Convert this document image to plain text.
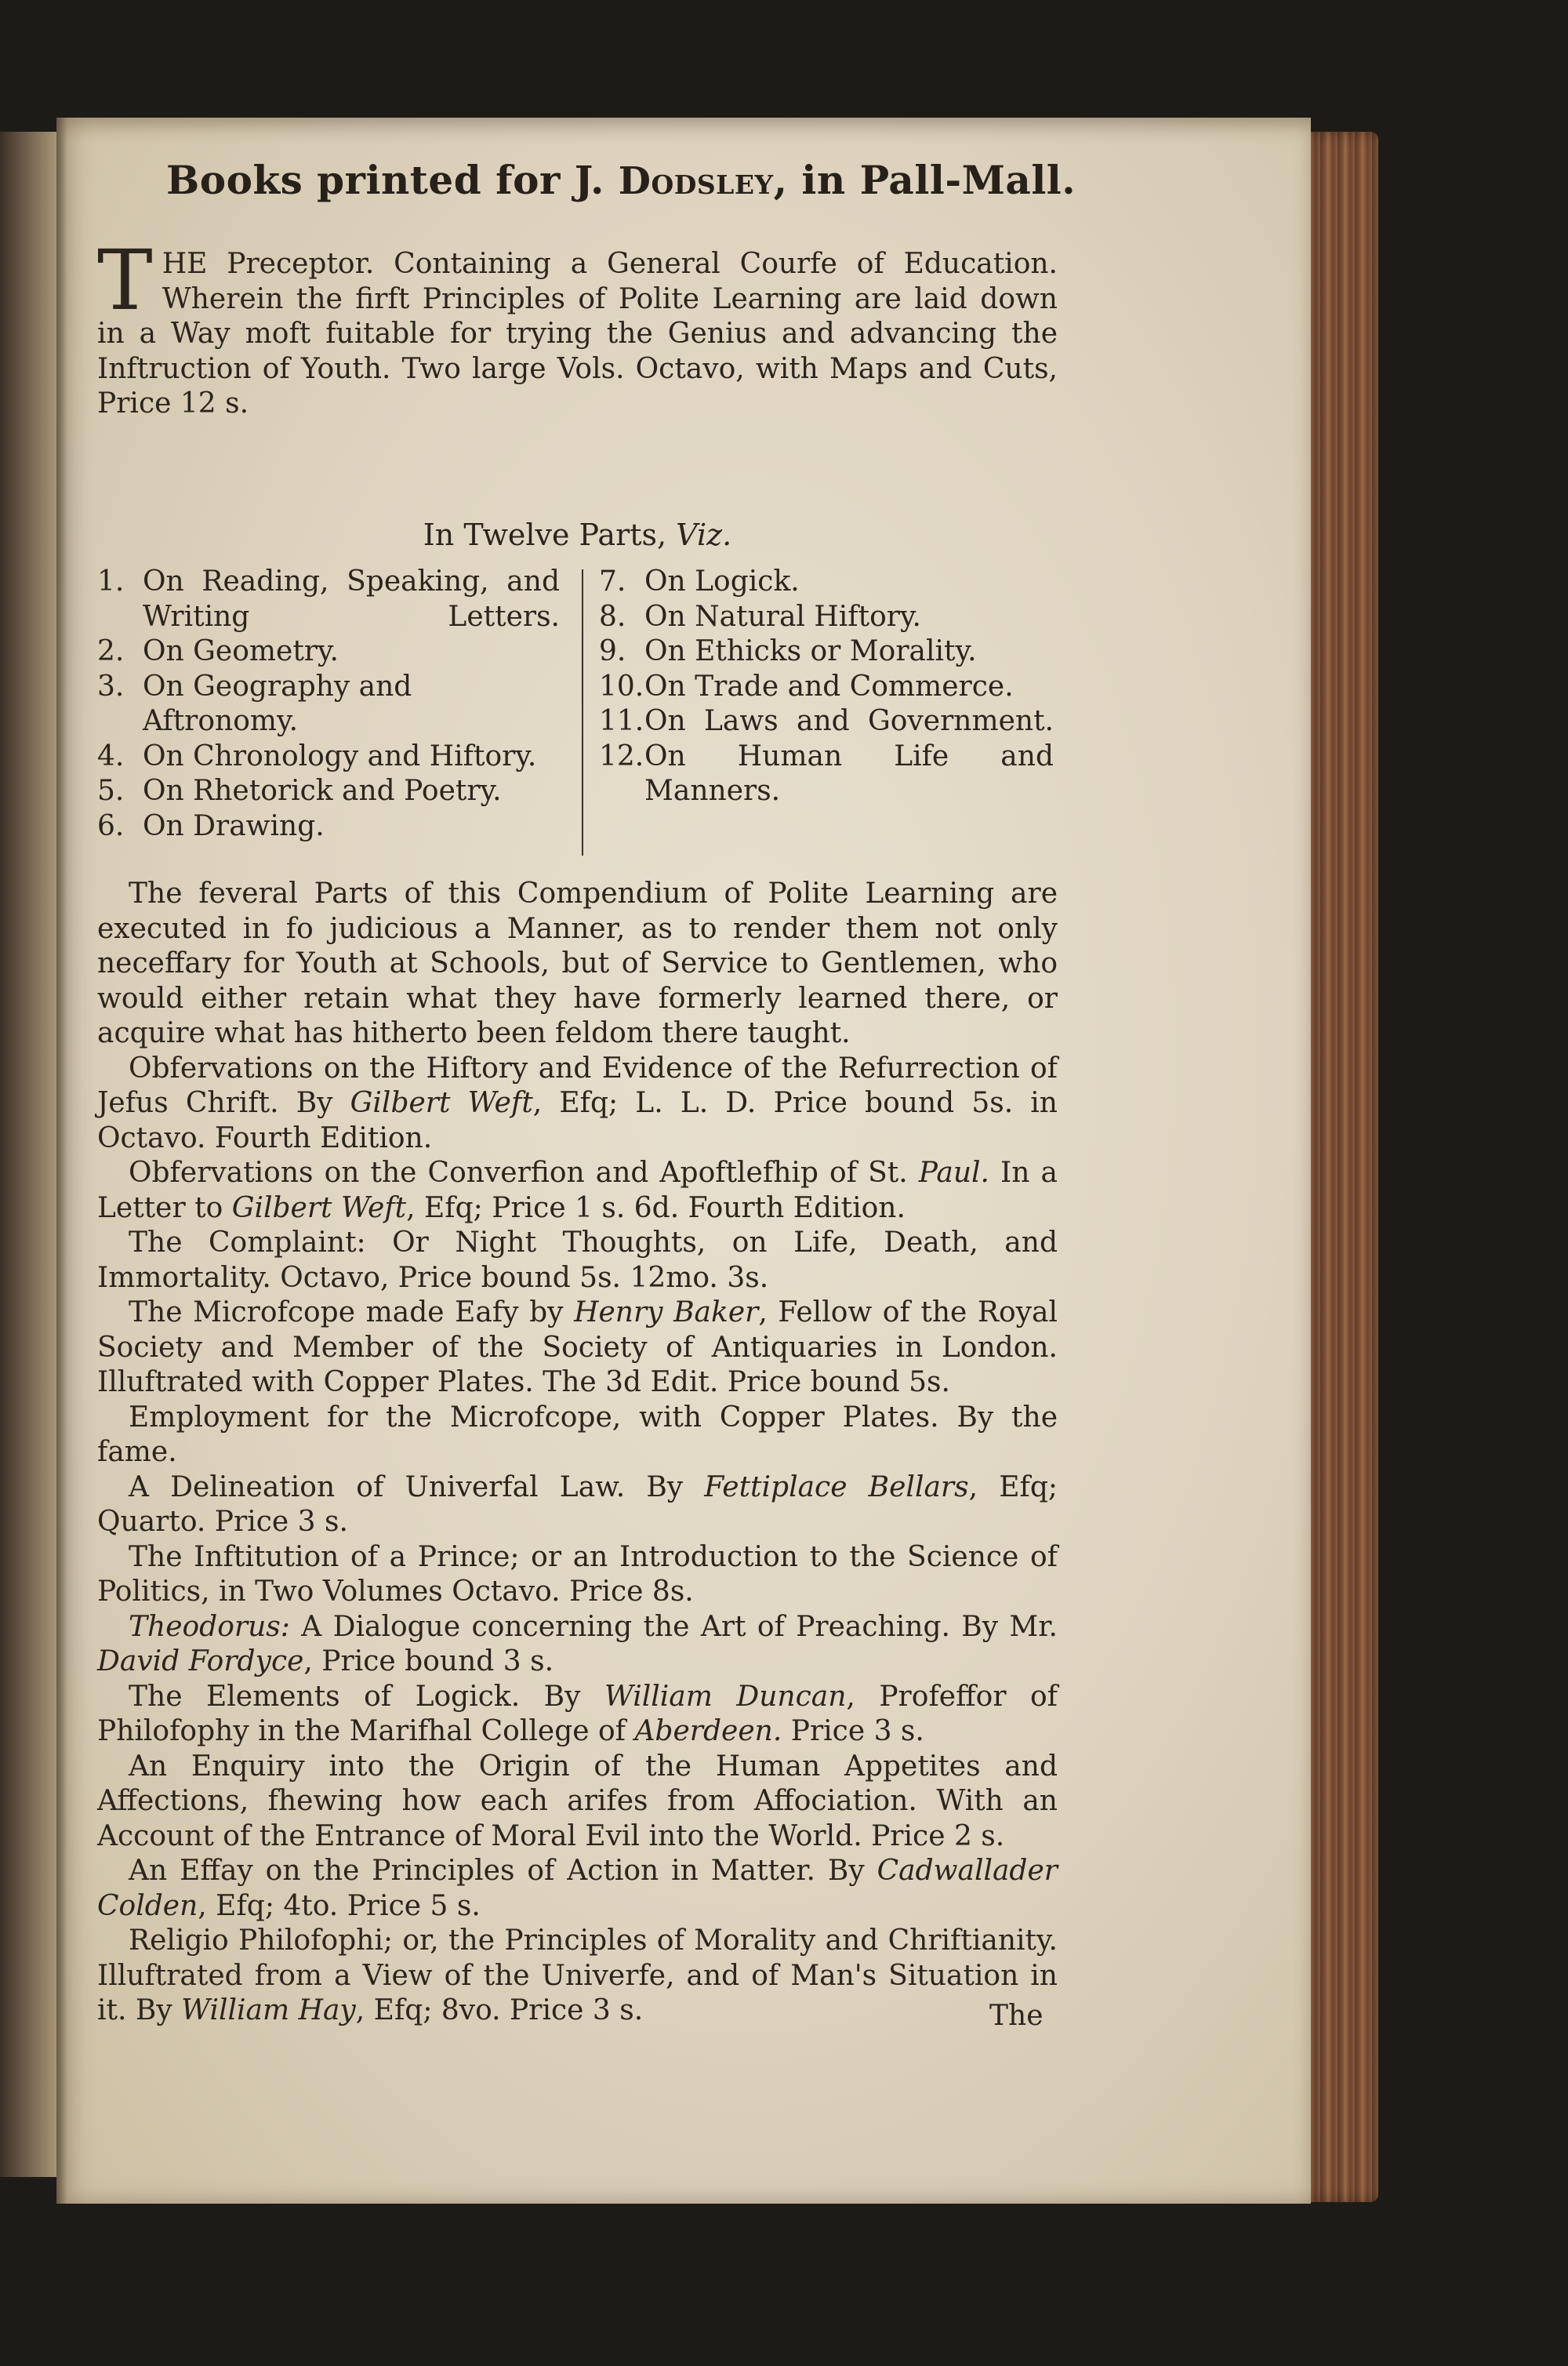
Books printed for J. Dodsley, in Pall-Mall.
THE Preceptor. Containing a General Courfe of Education. Wherein the firft Principles of Polite Learning are laid down in a Way moft fuitable for trying the Genius and advancing the Inftruction of Youth. Two large Vols. Octavo, with Maps and Cuts, Price 12 s.
In Twelve Parts, Viz.
1. On Reading, Speaking, and Writing Letters.
2. On Geometry.
3. On Geography and Aftronomy.
4. On Chronology and Hiftory.
5. On Rhetorick and Poetry.
6. On Drawing.
7. On Logick.
8. On Natural Hiftory.
9. On Ethicks or Morality.
10. On Trade and Commerce.
11. On Laws and Government.
12. On Human Life and Manners.

The feveral Parts of this Compendium of Polite Learning are executed in fo judicious a Manner, as to render them not only neceffary for Youth at Schools, but of Service to Gentlemen, who would either retain what they have formerly learned there, or acquire what has hitherto been feldom there taught.

Obfervations on the Hiftory and Evidence of the Refurrection of Jefus Chrift. By Gilbert Weft, Efq; L. L. D. Price bound 5s. in Octavo. Fourth Edition.

Obfervations on the Converfion and Apoftlefhip of St. Paul. In a Letter to Gilbert Weft, Efq; Price 1 s. 6d. Fourth Edition.

The Complaint: Or Night Thoughts, on Life, Death, and Immortality. Octavo, Price bound 5s. 12mo. 3s.

The Microfcope made Eafy by Henry Baker, Fellow of the Royal Society and Member of the Society of Antiquaries in London. Illuftrated with Copper Plates. The 3d Edit. Price bound 5s.

Employment for the Microfcope, with Copper Plates. By the fame.

A Delineation of Univerfal Law. By Fettiplace Bellars, Efq; Quarto. Price 3 s.

The Inftitution of a Prince; or an Introduction to the Science of Politics, in Two Volumes Octavo. Price 8s.

Theodorus: A Dialogue concerning the Art of Preaching. By Mr. David Fordyce, Price bound 3 s.

The Elements of Logick. By William Duncan, Profeffor of Philofophy in the Marifhal College of Aberdeen. Price 3 s.

An Enquiry into the Origin of the Human Appetites and Affections, fhewing how each arifes from Affociation. With an Account of the Entrance of Moral Evil into the World. Price 2 s.

An Effay on the Principles of Action in Matter. By Cadwallader Colden, Efq; 4to. Price 5 s.

Religio Philofophi; or, the Principles of Morality and Chriftianity. Illuftrated from a View of the Univerfe, and of Man's Situation in it. By William Hay, Efq; 8vo. Price 3 s.	The
